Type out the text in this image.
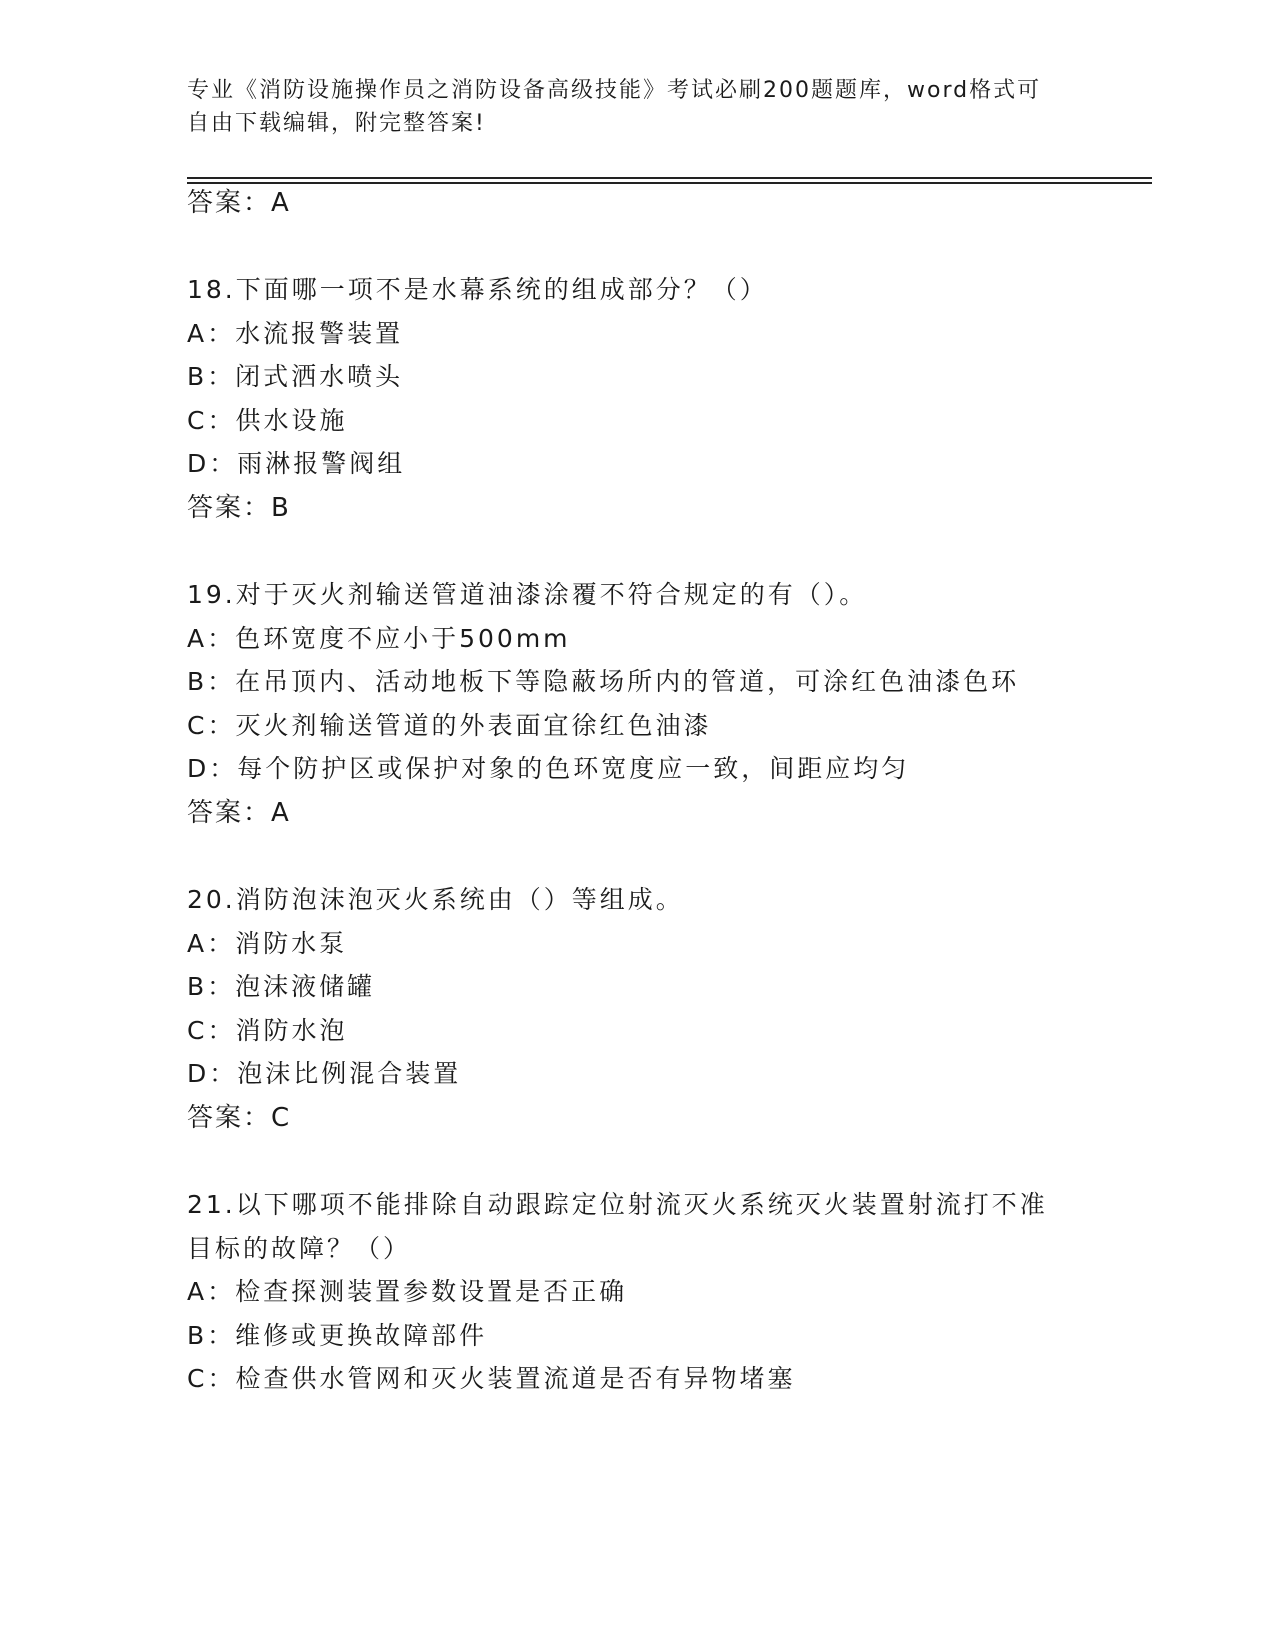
专业《消防设施操作员之消防设备高级技能》考试必刷200题题库，word格式可
自由下载编辑，附完整答案!
答案：A
18.下面哪一项不是水幕系统的组成部分？（）
A：水流报警装置
B：闭式洒水喷头
C：供水设施
D：雨淋报警阀组
答案：B
19.对于灭火剂输送管道油漆涂覆不符合规定的有（）。
A：色环宽度不应小于500mm
B：在吊顶内、活动地板下等隐蔽场所内的管道，可涂红色油漆色环
C：灭火剂输送管道的外表面宜徐红色油漆
D：每个防护区或保护对象的色环宽度应一致，间距应均匀
答案：A
20.消防泡沫泡灭火系统由（）等组成。
A：消防水泵
B：泡沫液储罐
C：消防水泡
D：泡沫比例混合装置
答案：C
21.以下哪项不能排除自动跟踪定位射流灭火系统灭火装置射流打不准
目标的故障？（）
A：检查探测装置参数设置是否正确
B：维修或更换故障部件
C：检查供水管网和灭火装置流道是否有异物堵塞
